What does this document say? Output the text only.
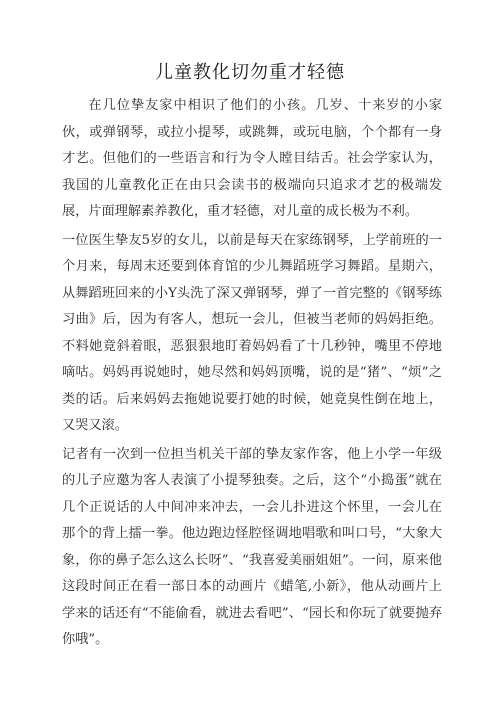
儿童教化切勿重才轻德

在几位挚友家中相识了他们的小孩。几岁、十来岁的小家伙，或弹钢琴，或拉小提琴，或跳舞，或玩电脑，个个都有一身才艺。但他们的一些语言和行为令人瞠目结舌。社会学家认为，我国的儿童教化正在由只会读书的极端向只追求才艺的极端发展，片面理解素养教化，重才轻德，对儿童的成长极为不利。

一位医生挚友5岁的女儿，以前是每天在家练钢琴，上学前班的一个月来，每周末还要到体育馆的少儿舞蹈班学习舞蹈。星期六，从舞蹈班回来的小Y头洗了深又弹钢琴，弹了一首完整的《钢琴练习曲》后，因为有客人，想玩一会儿，但被当老师的妈妈拒绝。不料她竟斜着眼，恶狠狠地盯着妈妈看了十几秒钟，嘴里不停地嘀咕。妈妈再说她时，她尽然和妈妈顶嘴，说的是“猪”、“烦”之类的话。后来妈妈去拖她说要打她的时候，她竟臭性倒在地上，又哭又滚。

记者有一次到一位担当机关干部的挚友家作客，他上小学一年级的儿子应邀为客人表演了小提琴独奏。之后，这个“小捣蛋”就在几个正说话的人中间冲来冲去，一会儿扑进这个怀里，一会儿在那个的背上擂一拳。他边跑边怪腔怪调地唱歌和叫口号，“大象大象，你的鼻子怎么这么长呀”、“我喜爱美丽姐姐”。一问，原来他这段时间正在看一部日本的动画片《蜡笔,小新》，他从动画片上学来的话还有“不能偷看，就进去看吧”、“园长和你玩了就要抛弃你哦”。
